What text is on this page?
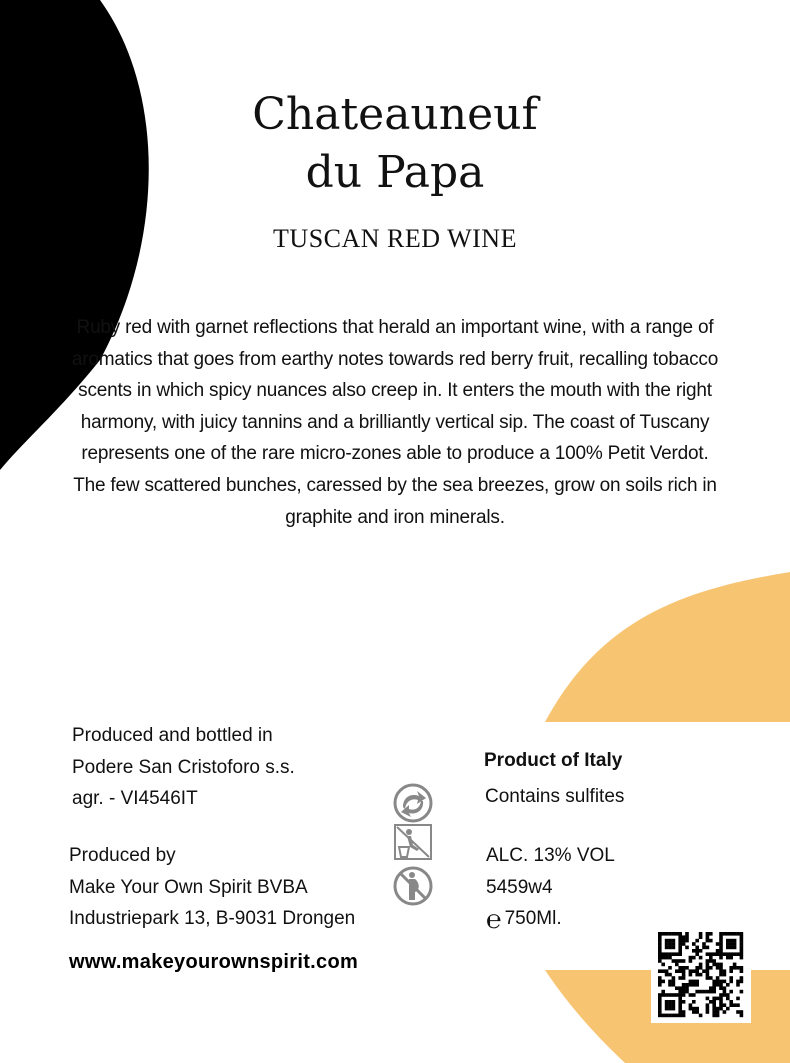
Chateauneuf
du Papa
TUSCAN RED WINE
Ruby red with garnet reflections that herald an important wine, with a range of aromatics that goes from earthy notes towards red berry fruit, recalling tobacco scents in which spicy nuances also creep in. It enters the mouth with the right harmony, with juicy tannins and a brilliantly vertical sip. The coast of Tuscany represents one of the rare micro-zones able to produce a 100% Petit Verdot. The few scattered bunches, caressed by the sea breezes, grow on soils rich in graphite and iron minerals.
Produced and bottled in
Podere San Cristoforo s.s.
agr. - VI4546IT
Produced by
Make Your Own Spirit BVBA
Industriepark 13, B-9031 Drongen
www.makeyourownspirit.com
Product of Italy
Contains sulfites
ALC. 13% VOL
5459w4
℮ 750Ml.
